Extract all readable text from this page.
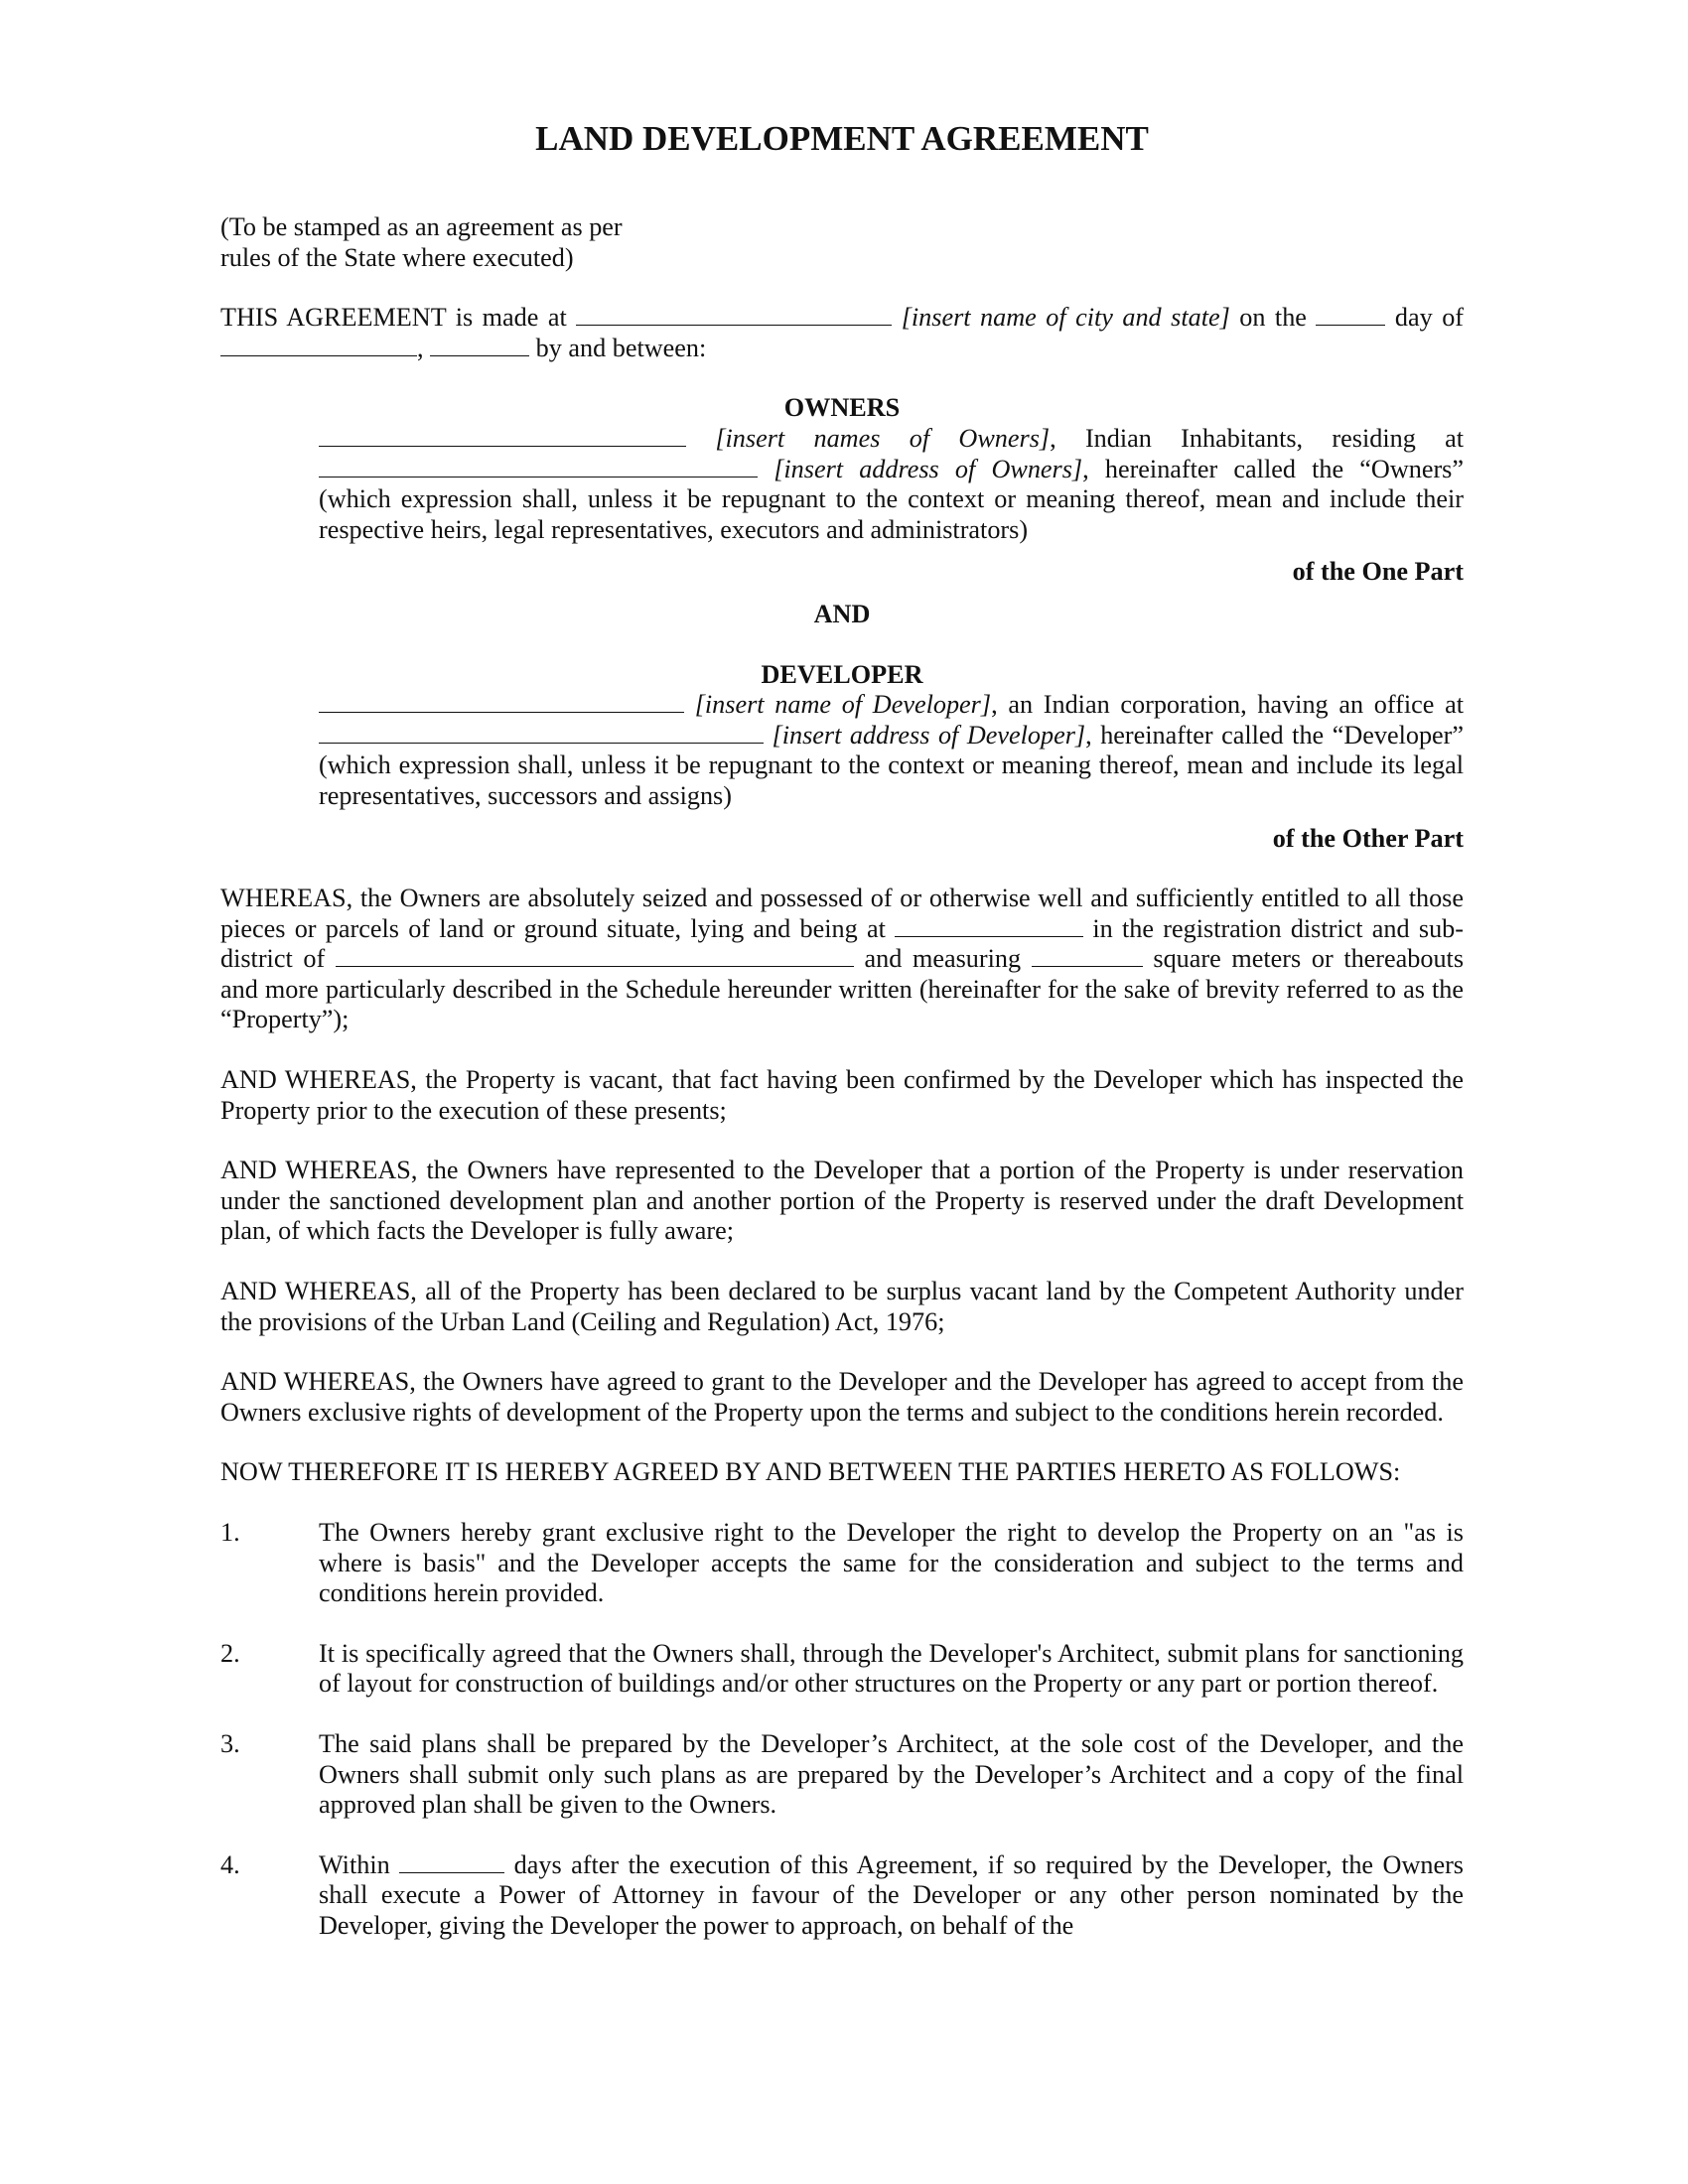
LAND DEVELOPMENT AGREEMENT

(To be stamped as an agreement as per
rules of the State where executed)

THIS AGREEMENT is made at	[insert name of city and state] on the	day of ,	by and between:

OWNERS

[insert names of Owners], Indian Inhabitants, residing at  [insert address of Owners], hereinafter called the “Owners” (which expression shall, unless it be repugnant to the context or meaning thereof, mean and include their respective heirs, legal representatives, executors and administrators)

of the One Part
AND
DEVELOPER

[insert name of Developer], an Indian corporation, having an office at  [insert address of Developer], hereinafter called the “Developer” (which expression shall, unless it be repugnant to the context or meaning thereof, mean and include its legal representatives, successors and assigns)

of the Other Part

WHEREAS, the Owners are absolutely seized and possessed of or otherwise well and sufficiently entitled to all those pieces or parcels of land or ground situate, lying and being at	in the registration district and sub-district of	and measuring	square meters or thereabouts and more particularly described in the Schedule hereunder written (hereinafter for the sake of brevity referred to as the “Property”);

AND WHEREAS, the Property is vacant, that fact having been confirmed by the Developer which has inspected the Property prior to the execution of these presents;

AND WHEREAS, the Owners have represented to the Developer that a portion of the Property is under reservation under the sanctioned development plan and another portion of the Property is reserved under the draft Development plan, of which facts the Developer is fully aware;

AND WHEREAS, all of the Property has been declared to be surplus vacant land by the Competent Authority under the provisions of the Urban Land (Ceiling and Regulation) Act, 1976;

AND WHEREAS, the Owners have agreed to grant to the Developer and the Developer has agreed to accept from the Owners exclusive rights of development of the Property upon the terms and subject to the conditions herein recorded.

NOW THEREFORE IT IS HEREBY AGREED BY AND BETWEEN THE PARTIES HERETO AS FOLLOWS:

1.	The Owners hereby grant exclusive right to the Developer the right to develop the Property on an "as is where is basis" and the Developer accepts the same for the consideration and subject to the terms and conditions herein provided.
2.	It is specifically agreed that the Owners shall, through the Developer's Architect, submit plans for sanctioning of layout for construction of buildings and/or other structures on the Property or any part or portion thereof.
3.	The said plans shall be prepared by the Developer’s Architect, at the sole cost of the Developer, and the Owners shall submit only such plans as are prepared by the Developer’s Architect and a copy of the final approved plan shall be given to the Owners.
4.	Within	days after the execution of this Agreement, if so required by the Developer, the Owners shall execute a Power of Attorney in favour of the Developer or any other person nominated by the Developer, giving the Developer the power to approach, on behalf of the
